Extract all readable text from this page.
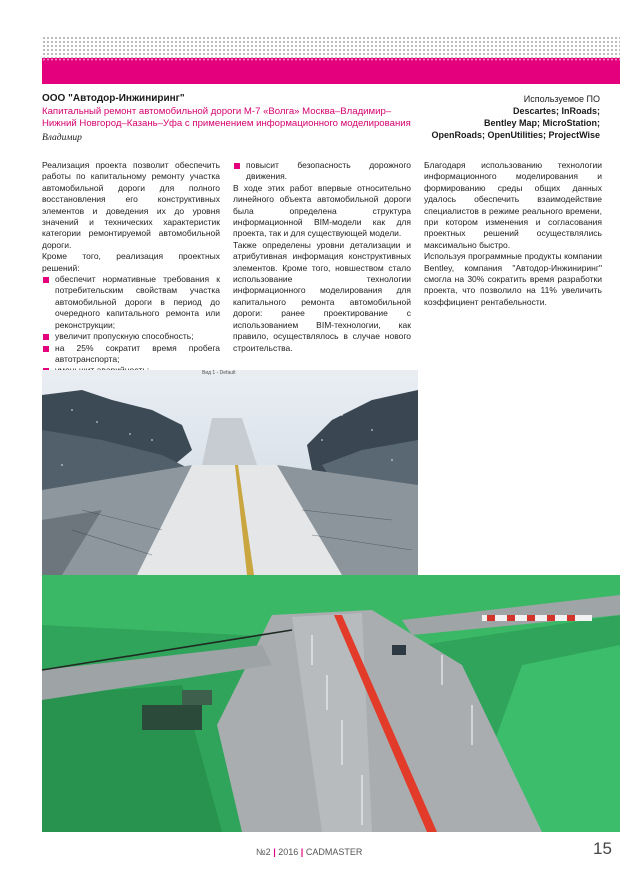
ООО "Автодор-Инжиниринг"
Капитальный ремонт автомобильной дороги М-7 «Волга» Москва–Владимир–Нижний Новгород–Казань–Уфа с применением информационного моделирования
Владимир
Используемое ПО
Descartes; InRoads;
Bentley Map; MicroStation;
OpenRoads; OpenUtilities; ProjectWise

Реализация проекта позволит обеспечить работы по капитальному ремонту участка автомобильной дороги для полного восстановления его конструктивных элементов и доведения их до уровня значений и технических характеристик категории ремонтируемой автомобильной дороги.

Кроме того, реализация проектных решений:

обеспечит нормативные требования к потребительским свойствам участка автомобильной дороги в период до очередного капитального ремонта или реконструкции;
увеличит пропускную способность;
на 25% сократит время пробега автотранспорта;
повысит безопасность дорожного движения.

В ходе этих работ впервые относительно линейного объекта автомобильной дороги была определена структура информационной BIM-модели как для проекта, так и для существующей модели.

Также определены уровни детализации и атрибутивная информация конструктивных элементов. Кроме того, новшеством стало использование технологии информационного моделирования для капитального ремонта автомобильной дороги: ранее проектирование с использованием BIM-технологии, как правило, осуществлялось в случае нового строительства.

Благодаря использованию технологии информационного моделирования и формированию среды общих данных удалось обеспечить взаимодействие специалистов в режиме реального времени, при котором изменения и согласования проектных решений осуществлялись максимально быстро.

Используя программные продукты компании Bentley, компания "Автодор-Инжиниринг" смогла на 30% сократить время разработки проекта, что позволило на 11% увеличить коэффициент рентабельности.

Вид 1 - Default
№2 | 2016 | CADMASTER	15
